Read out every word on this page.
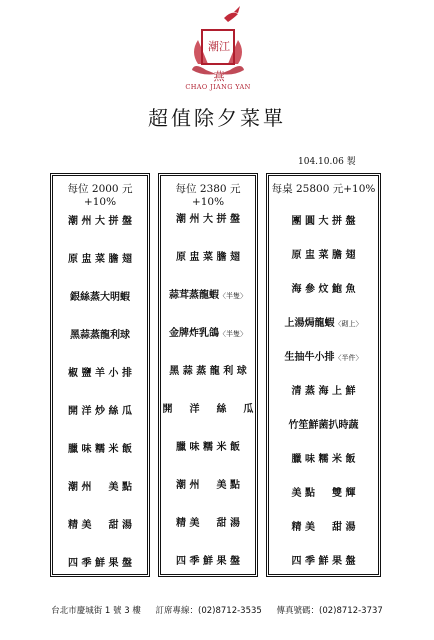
潮江燕
CHAO JIANG YAN
超值除夕菜單
104.10.06 製
每位 2000 元+10%
潮 州 大 拼 盤
原 盅 菜 膽 翅
銀絲蒸大明蝦
黑蒜蒸龍利球
椒 鹽 羊 小 排
開 洋 炒 絲 瓜
臘 味 糯 米 飯
潮 州 　 美 點
精 美 　 甜 湯
四 季 鮮 果 盤
每位 2380 元+10%
潮 州 大 拼 盤
原 盅 菜 膽 翅
蒜茸蒸龍蝦〈半隻〉
金牌炸乳鴿〈半隻〉
黑 蒜 蒸 龍 利 球
開 　 洋 　 絲 　 瓜
臘 味 糯 米 飯
潮 州 　 美 點
精 美 　 甜 湯
四 季 鮮 果 盤
每桌 25800 元+10%
團 圓 大 拼 盤
原 盅 菜 膽 翅
海 參 炆 鮑 魚
上湯焗龍蝦〈砌上〉
生抽牛小排〈半件〉
清 蒸 海 上 鮮
竹笙鮮菌扒時蔬
臘 味 糯 米 飯
美 點 　 雙 輝
精 美 　 甜 湯
四 季 鮮 果 盤
台北市慶城街 1 號 3 樓 訂席專線：(02)8712-3535 傳真號碼：(02)8712-3737
